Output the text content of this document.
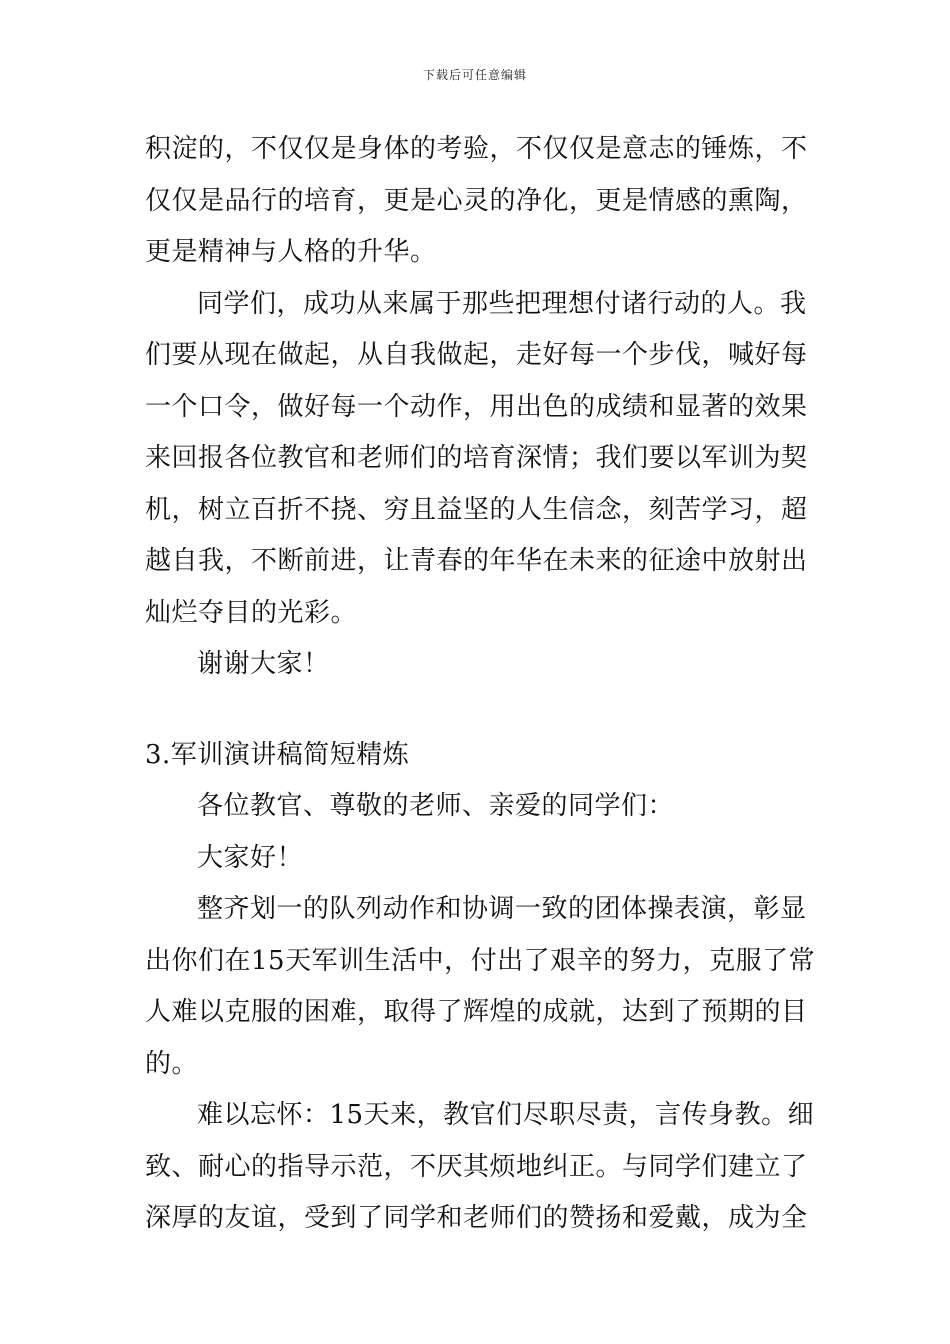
下载后可任意编辑
积淀的，不仅仅是身体的考验，不仅仅是意志的锤炼，不
仅仅是品行的培育，更是心灵的净化，更是情感的熏陶，
更是精神与人格的升华。
同学们，成功从来属于那些把理想付诸行动的人。我
们要从现在做起，从自我做起，走好每一个步伐，喊好每
一个口令，做好每一个动作，用出色的成绩和显著的效果
来回报各位教官和老师们的培育深情；我们要以军训为契
机，树立百折不挠、穷且益坚的人生信念，刻苦学习，超
越自我，不断前进，让青春的年华在未来的征途中放射出
灿烂夺目的光彩。
谢谢大家！
3.军训演讲稿简短精炼
各位教官、尊敬的老师、亲爱的同学们：
大家好！
整齐划一的队列动作和协调一致的团体操表演，彰显
出你们在15天军训生活中，付出了艰辛的努力，克服了常
人难以克服的困难，取得了辉煌的成就，达到了预期的目
的。
难以忘怀：15天来，教官们尽职尽责，言传身教。细
致、耐心的指导示范，不厌其烦地纠正。与同学们建立了
深厚的友谊，受到了同学和老师们的赞扬和爱戴，成为全
